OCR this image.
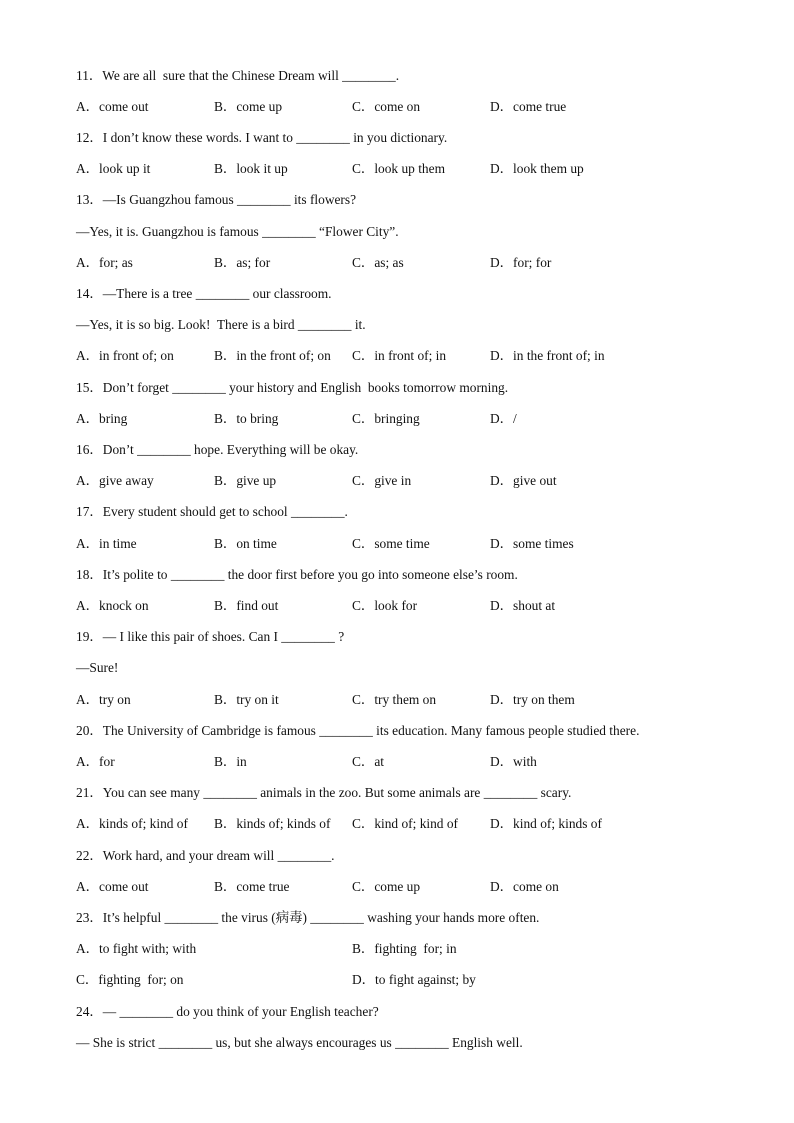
11．We are all  sure that the Chinese Dream will ________.
A．come out	B．come up	C．come on	D．come true
12．I don’t know these words. I want to ________ in you dictionary.
A．look up it	B．look it up	C．look up them	D．look them up
13．—Is Guangzhou famous ________ its flowers?
—Yes, it is. Guangzhou is famous ________ “Flower City”.
A．for; as	B．as; for	C．as; as	D．for; for
14．—There is a tree ________ our classroom.
—Yes, it is so big. Look!  There is a bird ________ it.
A．in front of; on	B．in the front of; on C．in front of; in	D．in the front of; in
15．Don’t forget ________ your history and English  books tomorrow morning.
A．bring	B．to bring	C．bringing	D．/
16．Don’t ________ hope. Everything will be okay.
A．give away	B．give up	C．give in	D．give out
17．Every student should get to school ________.
A．in time	B．on time	C．some time	D．some times
18．It’s polite to ________ the door first before you go into someone else’s room.
A．knock on	B．find out	C．look for	D．shout at
19．— I like this pair of shoes. Can I ________ ?
—Sure!
A．try on	B．try on it	C．try them on	D．try on them
20．The University of Cambridge is famous ________ its education. Many famous people studied there.
A．for	B．in	C．at	D．with
21．You can see many ________ animals in the zoo. But some animals are ________ scary.
A．kinds of; kind of B．kinds of; kinds of C．kind of; kind of D．kind of; kinds of
22．Work hard, and your dream will ________.
A．come out	B．come true	C．come up	D．come on
23．It’s helpful ________ the virus (病毒) ________ washing your hands more often.
A．to fight with; with	B．fighting  for; in
C．fighting  for; on	D．to fight against; by
24．— ________ do you think of your English teacher?
— She is strict ________ us, but she always encourages us ________ English well.
